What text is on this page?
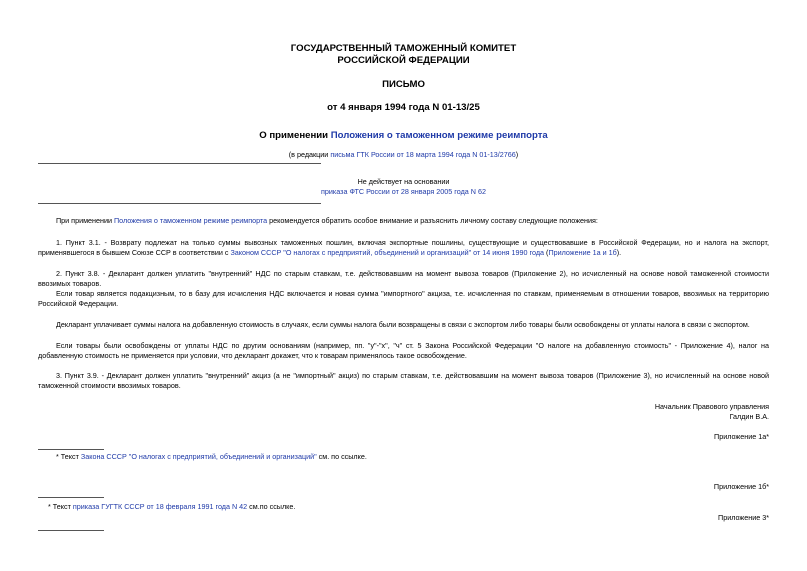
ГОСУДАРСТВЕННЫЙ ТАМОЖЕННЫЙ КОМИТЕТ
РОССИЙСКОЙ ФЕДЕРАЦИИ
ПИСЬМО
от 4 января 1994 года N 01-13/25
О применении Положения о таможенном режиме реимпорта
(в редакции письма ГТК России от 18 марта 1994 года N 01-13/2766)
Не действует на основании
приказа ФТС России от 28 января 2005 года N 62
При применении Положения о таможенном режиме реимпорта рекомендуется обратить особое внимание и разъяснить личному составу следующие положения:
1. Пункт 3.1. - Возврату подлежат на только суммы вывозных таможенных пошлин, включая экспортные пошлины, существующие и существовавшие в Российской Федерации, но и налога на экспорт, применявшегося в бывшем Союзе ССР в соответствии с Законом СССР "О налогах с предприятий, объединений и организаций" от 14 июня 1990 года (Приложение 1а и 1б).
2. Пункт 3.8. - Декларант должен уплатить "внутренний" НДС по старым ставкам, т.е. действовавшим на момент вывоза товаров (Приложение 2), но исчисленный на основе новой таможенной стоимости ввозимых товаров.
Если товар является подакцизным, то в базу для исчисления НДС включается и новая сумма "импортного" акциза, т.е. исчисленная по ставкам, применяемым в отношении товаров, ввозимых на территорию Российской Федерации.
Декларант уплачивает суммы налога на добавленную стоимость в случаях, если суммы налога были возвращены в связи с экспортом либо товары были освобождены от уплаты налога в связи с экспортом.
Если товары были освобождены от уплаты НДС по другим основаниям (например, пп. "у"-"х", "ч" ст. 5 Закона Российской Федерации "О налоге на добавленную стоимость" - Приложение 4), налог на добавленную стоимость не применяется при условии, что декларант докажет, что к товарам применялось такое освобождение.
3. Пункт 3.9. - Декларант должен уплатить "внутренний" акциз (а не "импортный" акциз) по старым ставкам, т.е. действовавшим на момент вывоза товаров (Приложение 3), но исчисленный на основе новой таможенной стоимости ввозимых товаров.
Начальник Правового управления
Галдин В.А.
Приложение 1а*
* Текст Закона СССР "О налогах с предприятий, объединений и организаций" см. по ссылке.
Приложение 1б*
* Текст приказа ГУГТК СССР от 18 февраля 1991 года N 42 см.по ссылке.
Приложение 3*
